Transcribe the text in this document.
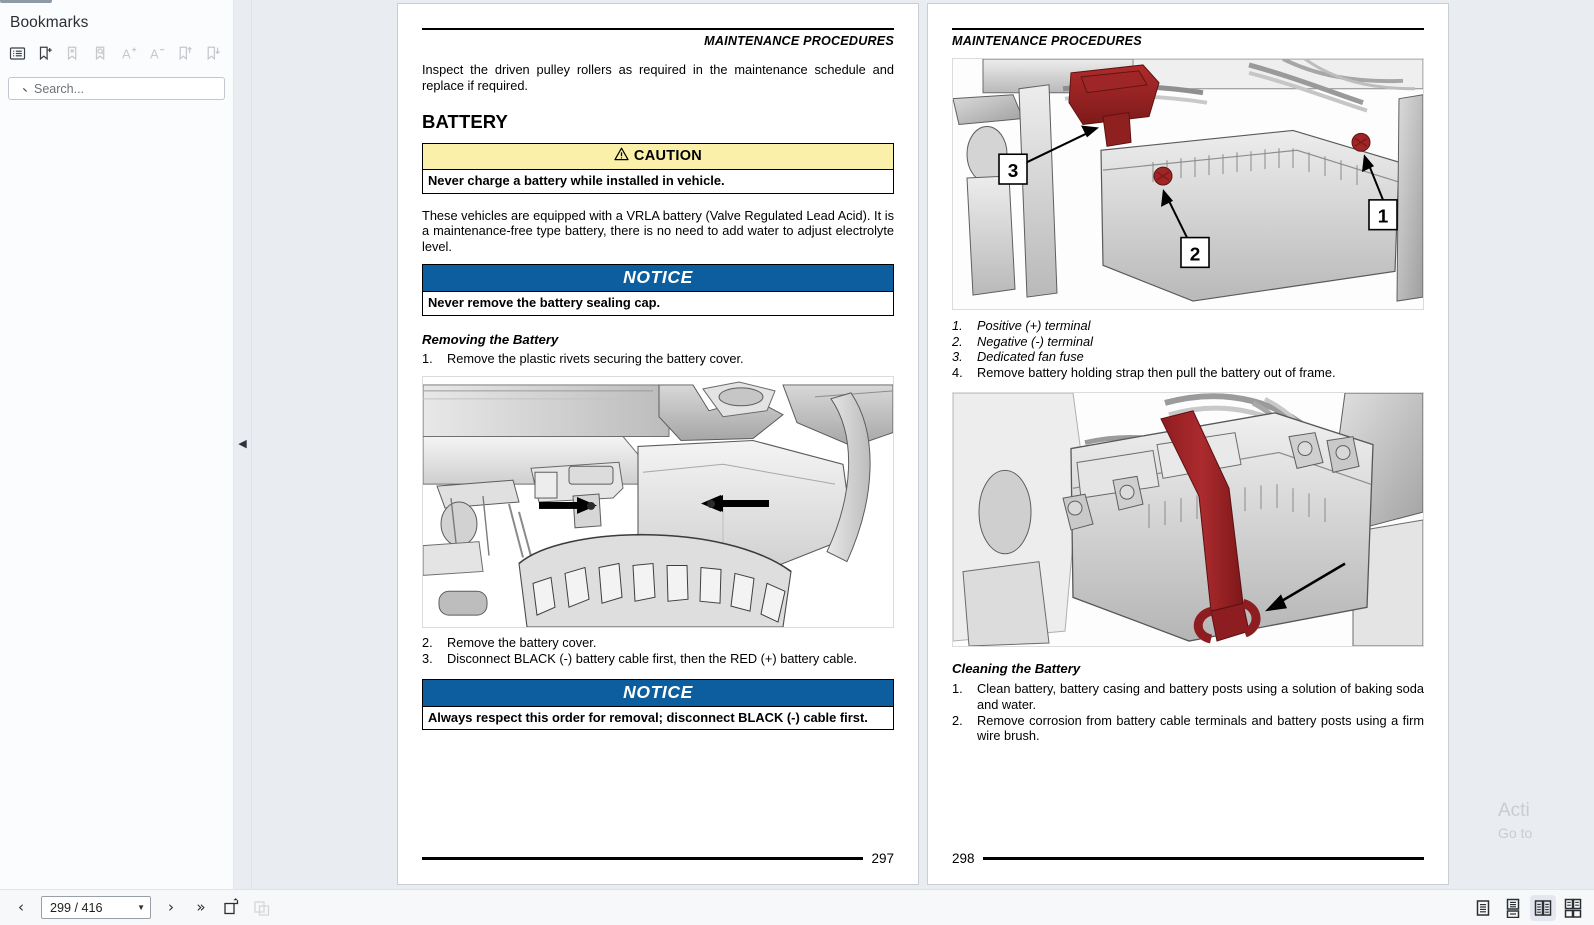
Bookmarks
A A
Search...
◀
MAINTENANCE PROCEDURES

Inspect the driven pulley rollers as required in the maintenance schedule and replace if required.

BATTERY
CAUTION
Never charge a battery while installed in vehicle.

These vehicles are equipped with a VRLA battery (Valve Regulated Lead Acid). It is a maintenance-free type battery, there is no need to add water to adjust electrolyte level.

NOTICE
Never remove the battery sealing cap.
Removing the Battery
1.	Remove the plastic rivets securing the battery cover.
2.	Remove the battery cover.
3.	Disconnect BLACK (-) battery cable first, then the RED (+) battery cable.
NOTICE
Always respect this order for removal; disconnect BLACK (-) cable first.
297
MAINTENANCE PROCEDURES
3
2
1
1.	Positive (+) terminal
2.	Negative (-) terminal
3.	Dedicated fan fuse
4.	Remove battery holding strap then pull the battery out of frame.
Cleaning the Battery
1.	Clean battery, battery casing and battery posts using a solution of baking soda and water.
2.	Remove corrosion from battery cable terminals and battery posts using a firm wire brush.
298
Acti
Go to
‹ 299 / 416	▼ › »
